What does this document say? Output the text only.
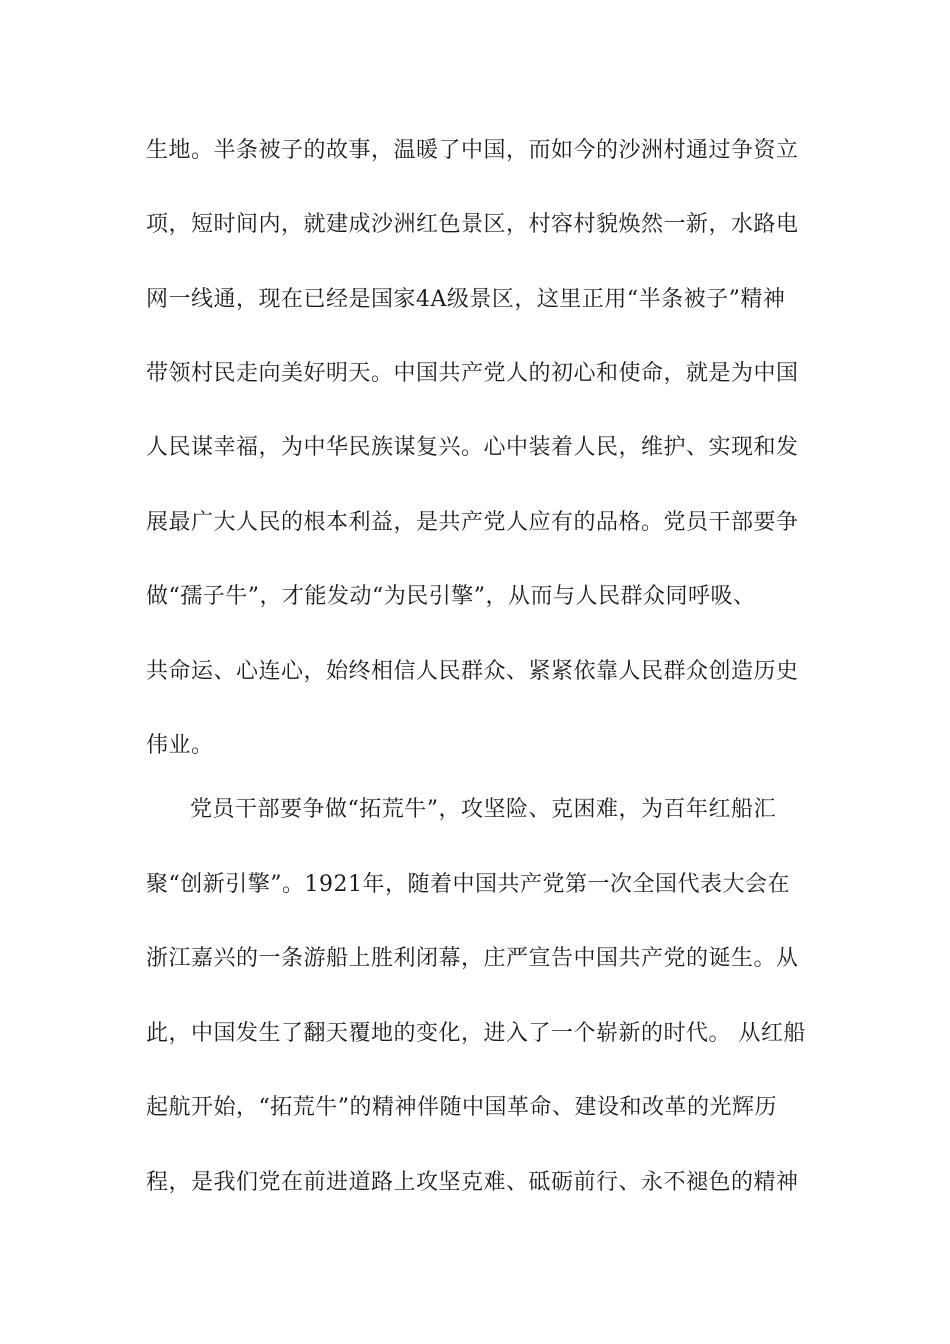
生地。半条被子的故事，温暖了中国，而如今的沙洲村通过争资立
项，短时间内，就建成沙洲红色景区，村容村貌焕然一新，水路电
网一线通，现在已经是国家4A级景区，这里正用“半条被子”精神
带领村民走向美好明天。中国共产党人的初心和使命，就是为中国
人民谋幸福，为中华民族谋复兴。心中装着人民，维护、实现和发
展最广大人民的根本利益，是共产党人应有的品格。党员干部要争
做“孺子牛”，才能发动“为民引擎”，从而与人民群众同呼吸、
共命运、心连心，始终相信人民群众、紧紧依靠人民群众创造历史
伟业。
党员干部要争做“拓荒牛”，攻坚险、克困难，为百年红船汇
聚“创新引擎”。1921年，随着中国共产党第一次全国代表大会在
浙江嘉兴的一条游船上胜利闭幕，庄严宣告中国共产党的诞生。从
此，中国发生了翻天覆地的变化，进入了一个崭新的时代。 从红船
起航开始，“拓荒牛”的精神伴随中国革命、建设和改革的光辉历
程，是我们党在前进道路上攻坚克难、砥砺前行、永不褪色的精神
